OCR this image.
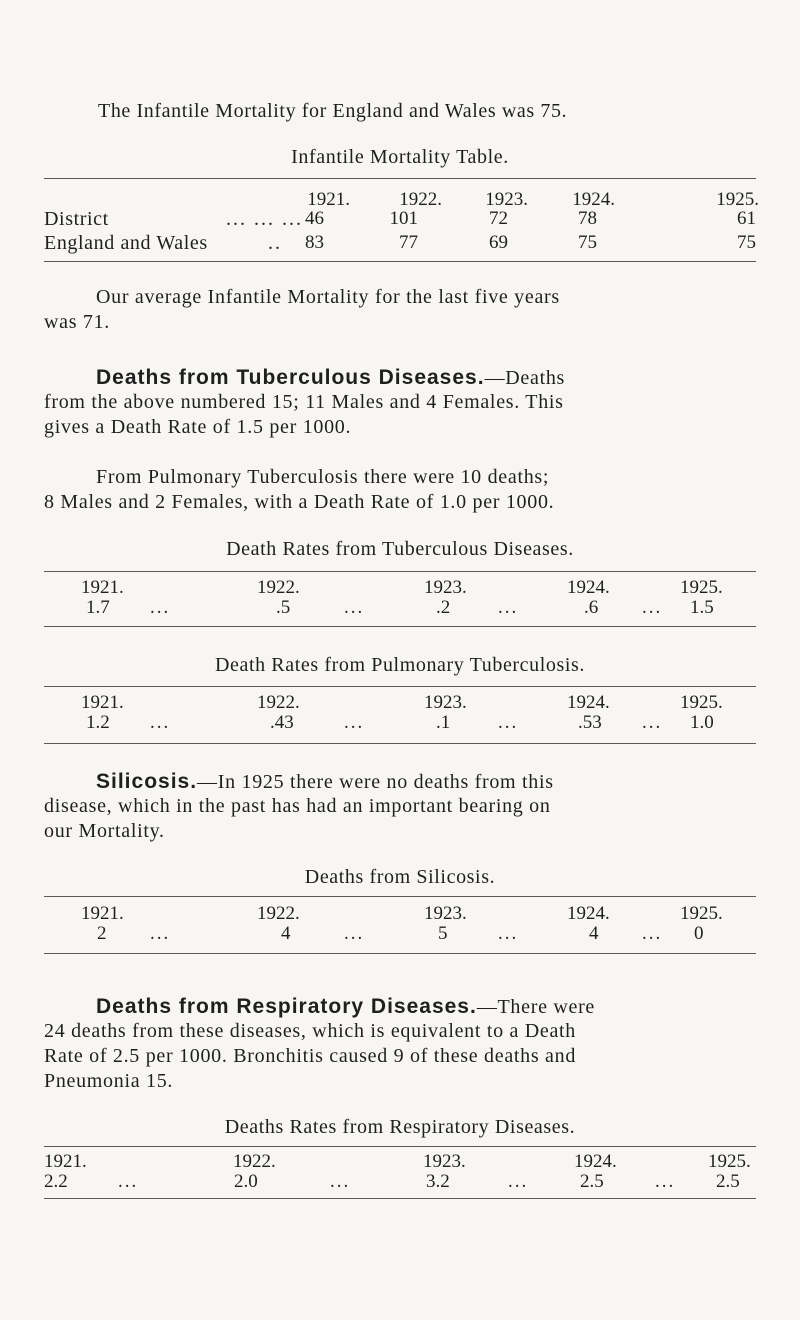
The Infantile Mortality for England and Wales was 75.
Infantile Mortality Table.
1921.	1922. 1923. 1924.	1925.
District	... ... ... 46	101	72	78	61
England and Wales	.. 83	77	69	75	75
Our average Infantile Mortality for the last five years
was 71.
Deaths from Tuberculous Diseases.—Deaths
from the above numbered 15; 11 Males and 4 Females. This
gives a Death Rate of 1.5 per 1000.
From Pulmonary Tuberculosis there were 10 deaths;
8 Males and 2 Females, with a Death Rate of 1.0 per 1000.
Death Rates from Tuberculous Diseases.
1921.	1922.	1923.	1924.	1925.
1.7 ...	.5	...	.2	...	.6 ... 1.5
Death Rates from Pulmonary Tuberculosis.
1921.	1922.	1923.	1924.	1925.
1.2 ...	.43	...	.1	...	.53 ... 1.0
Silicosis.—In 1925 there were no deaths from this
disease, which in the past has had an important bearing on
our Mortality.
Deaths from Silicosis.
1921.	1922.	1923.	1924.	1925.
2 ...	4	...	5	...	4 ... 0
Deaths from Respiratory Diseases.—There were
24 deaths from these diseases, which is equivalent to a Death
Rate of 2.5 per 1000. Bronchitis caused 9 of these deaths and
Pneumonia 15.
Deaths Rates from Respiratory Diseases.
1921.	1922.	1923.	1924.	1925.
2.2	...	2.0	...	3.2	...	2.5	... 2.5
